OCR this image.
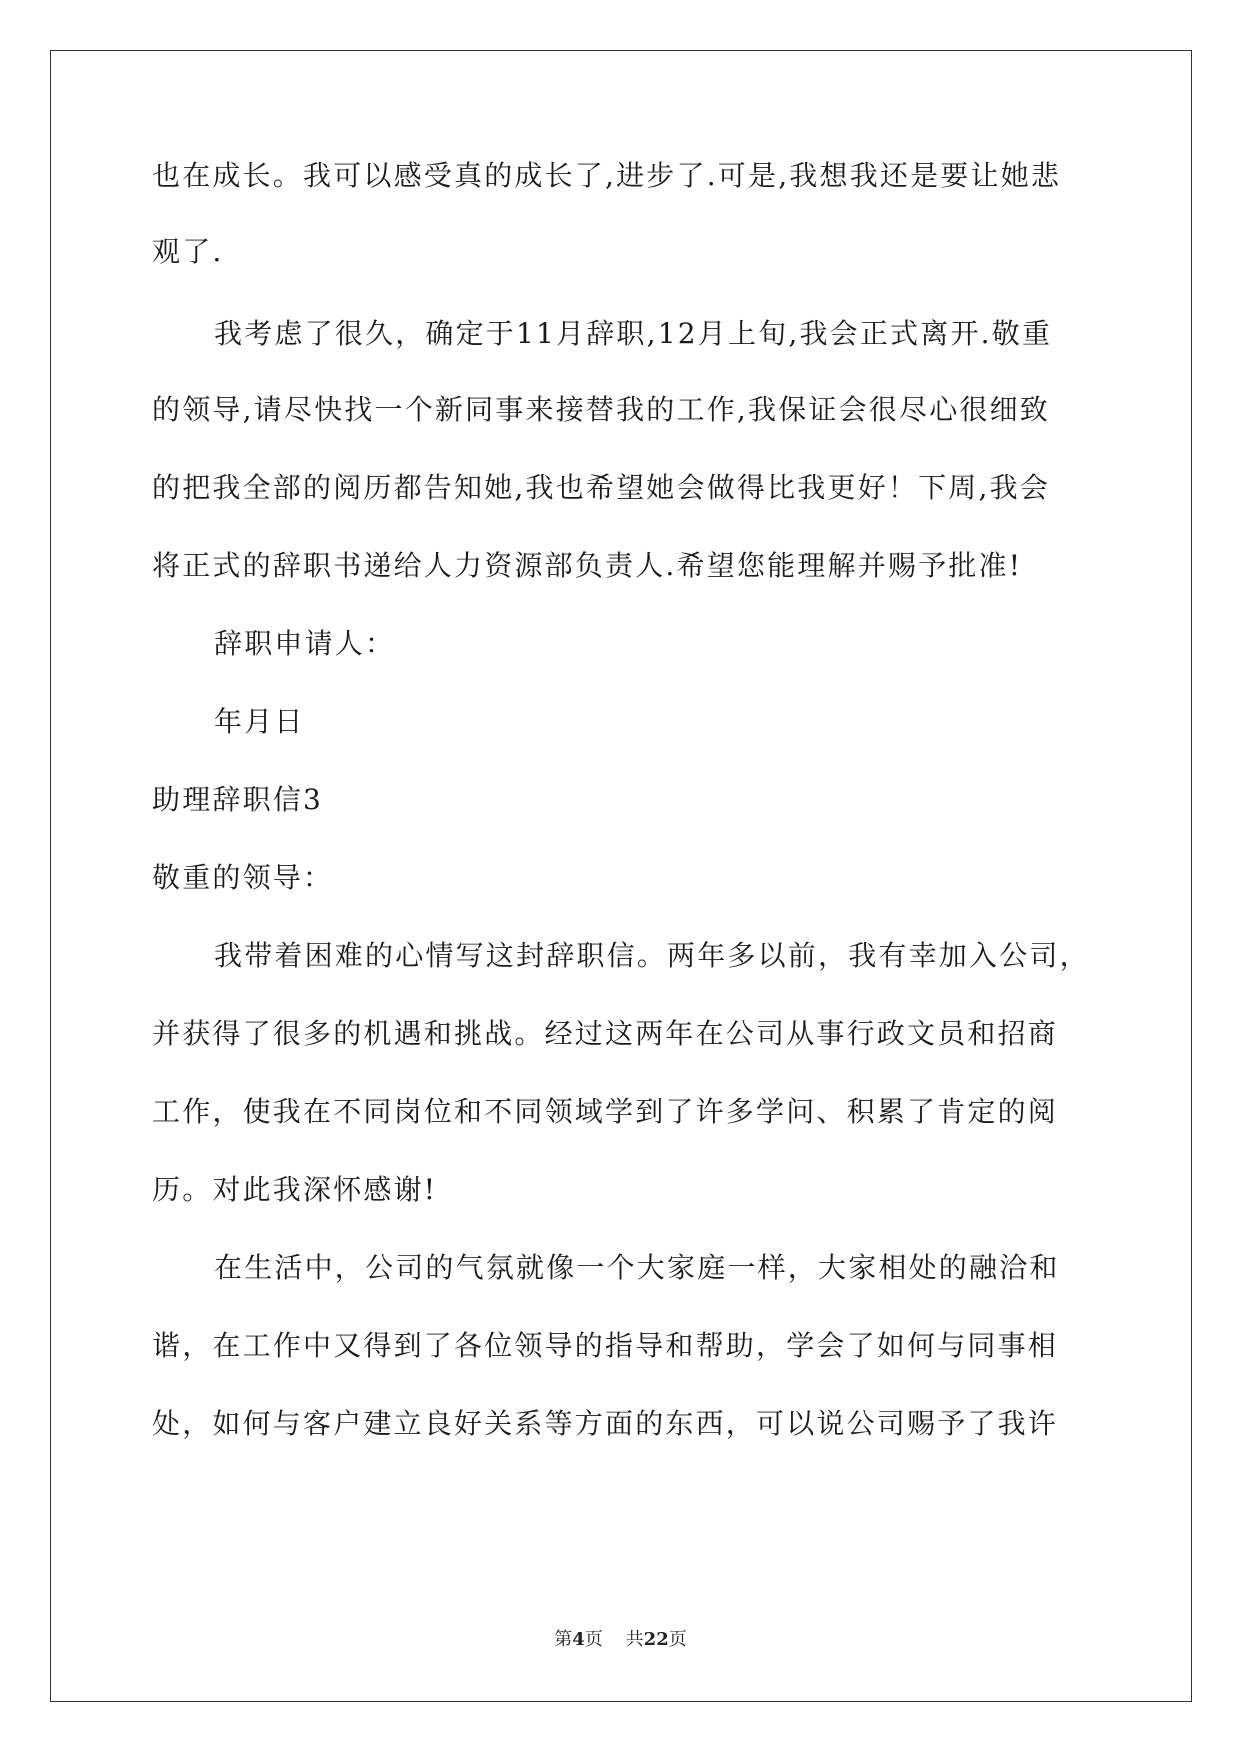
也在成长。我可以感受真的成长了,进步了.可是,我想我还是要让她悲
观了.
我考虑了很久，确定于11月辞职,12月上旬,我会正式离开.敬重
的领导,请尽快找一个新同事来接替我的工作,我保证会很尽心很细致
的把我全部的阅历都告知她,我也希望她会做得比我更好！下周,我会
将正式的辞职书递给人力资源部负责人.希望您能理解并赐予批准!
辞职申请人：
年月日
助理辞职信3
敬重的领导：
我带着困难的心情写这封辞职信。两年多以前，我有幸加入公司，
并获得了很多的机遇和挑战。经过这两年在公司从事行政文员和招商
工作，使我在不同岗位和不同领域学到了许多学问、积累了肯定的阅
历。对此我深怀感谢!
在生活中，公司的气氛就像一个大家庭一样，大家相处的融洽和
谐，在工作中又得到了各位领导的指导和帮助，学会了如何与同事相
处，如何与客户建立良好关系等方面的东西，可以说公司赐予了我许
第4页 共22页
